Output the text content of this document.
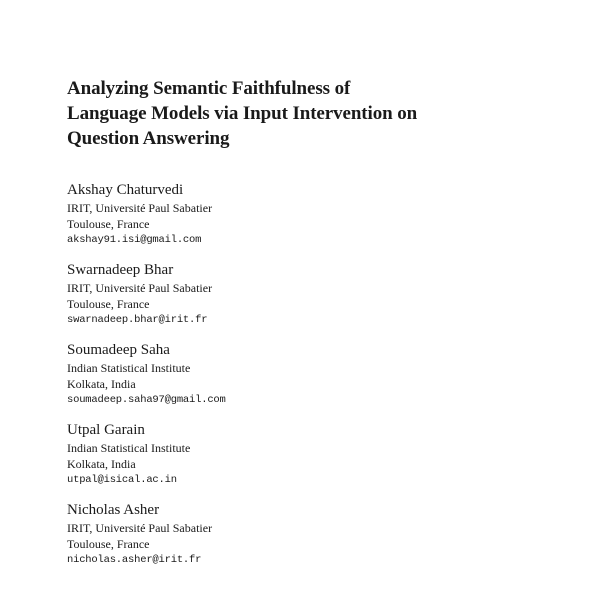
Analyzing Semantic Faithfulness of
Language Models via Input Intervention on
Question Answering
Akshay Chaturvedi
IRIT, Université Paul Sabatier
Toulouse, France
akshay91.isi@gmail.com
Swarnadeep Bhar
IRIT, Université Paul Sabatier
Toulouse, France
swarnadeep.bhar@irit.fr
Soumadeep Saha
Indian Statistical Institute
Kolkata, India
soumadeep.saha97@gmail.com
Utpal Garain
Indian Statistical Institute
Kolkata, India
utpal@isical.ac.in
Nicholas Asher
IRIT, Université Paul Sabatier
Toulouse, France
nicholas.asher@irit.fr
